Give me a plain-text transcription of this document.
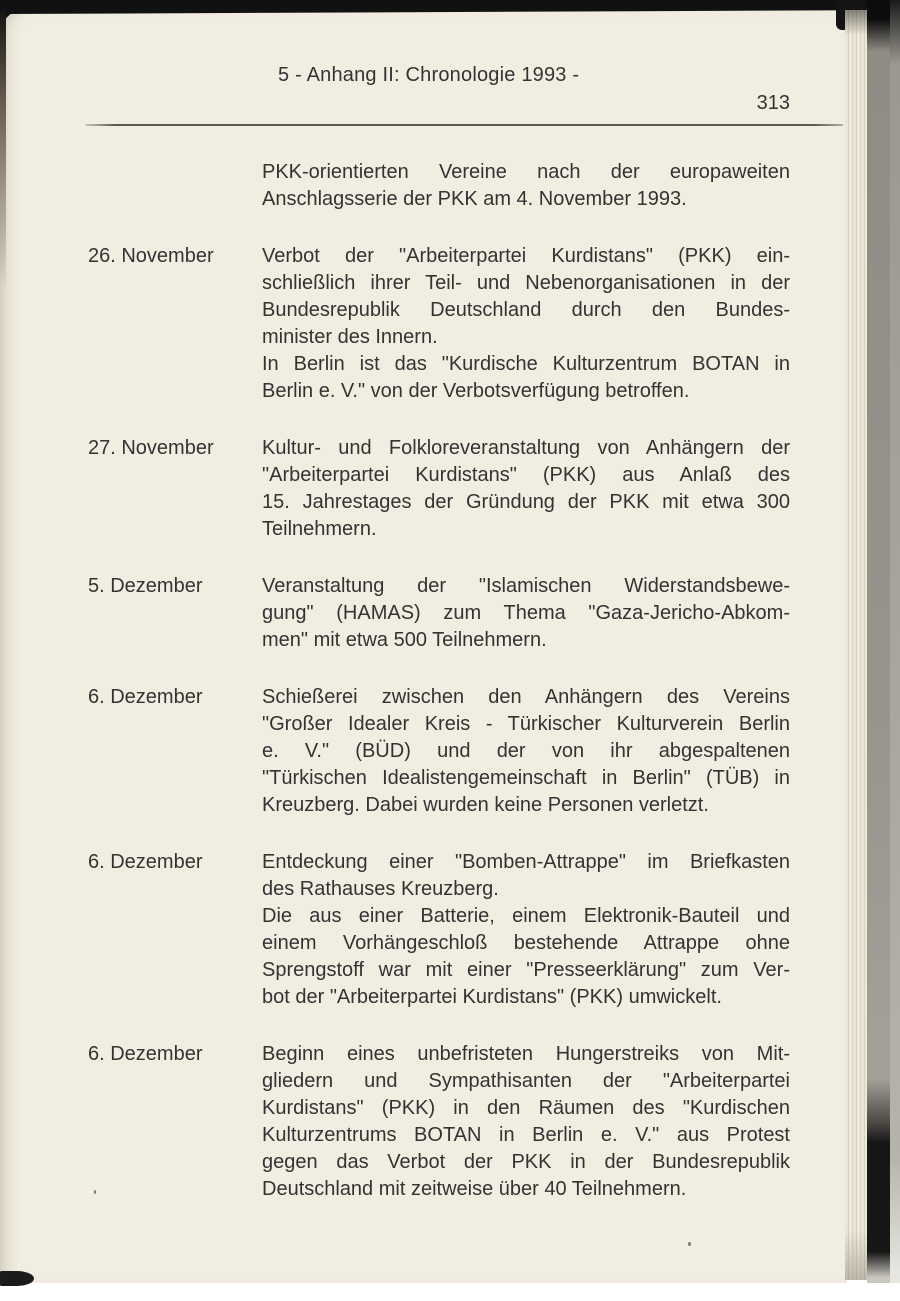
5 - Anhang II: Chronologie 1993 -
313
PKK-orientierten Vereine nach der europaweiten
Anschlagsserie der PKK am 4. November 1993.
26. November	Verbot der "Arbeiterpartei Kurdistans" (PKK) ein-
schließlich ihrer Teil- und Nebenorganisationen in der
Bundesrepublik Deutschland durch den Bundes-
minister des Innern.
In Berlin ist das "Kurdische Kulturzentrum BOTAN in
Berlin e. V." von der Verbotsverfügung betroffen.
27. November	Kultur- und Folkloreveranstaltung von Anhängern der
"Arbeiterpartei Kurdistans" (PKK) aus Anlaß des
15. Jahrestages der Gründung der PKK mit etwa 300
Teilnehmern.
5. Dezember	Veranstaltung der "Islamischen Widerstandsbewe-
gung" (HAMAS) zum Thema "Gaza-Jericho-Abkom-
men" mit etwa 500 Teilnehmern.
6. Dezember	Schießerei zwischen den Anhängern des Vereins
"Großer Idealer Kreis - Türkischer Kulturverein Berlin
e. V." (BÜD) und der von ihr abgespaltenen
"Türkischen Idealistengemeinschaft in Berlin" (TÜB) in
Kreuzberg. Dabei wurden keine Personen verletzt.
6. Dezember	Entdeckung einer "Bomben-Attrappe" im Briefkasten
des Rathauses Kreuzberg.
Die aus einer Batterie, einem Elektronik-Bauteil und
einem Vorhängeschloß bestehende Attrappe ohne
Sprengstoff war mit einer "Presseerklärung" zum Ver-
bot der "Arbeiterpartei Kurdistans" (PKK) umwickelt.
6. Dezember	Beginn eines unbefristeten Hungerstreiks von Mit-
gliedern und Sympathisanten der "Arbeiterpartei
Kurdistans" (PKK) in den Räumen des "Kurdischen
Kulturzentrums BOTAN in Berlin e. V." aus Protest
gegen das Verbot der PKK in der Bundesrepublik
Deutschland mit zeitweise über 40 Teilnehmern.
